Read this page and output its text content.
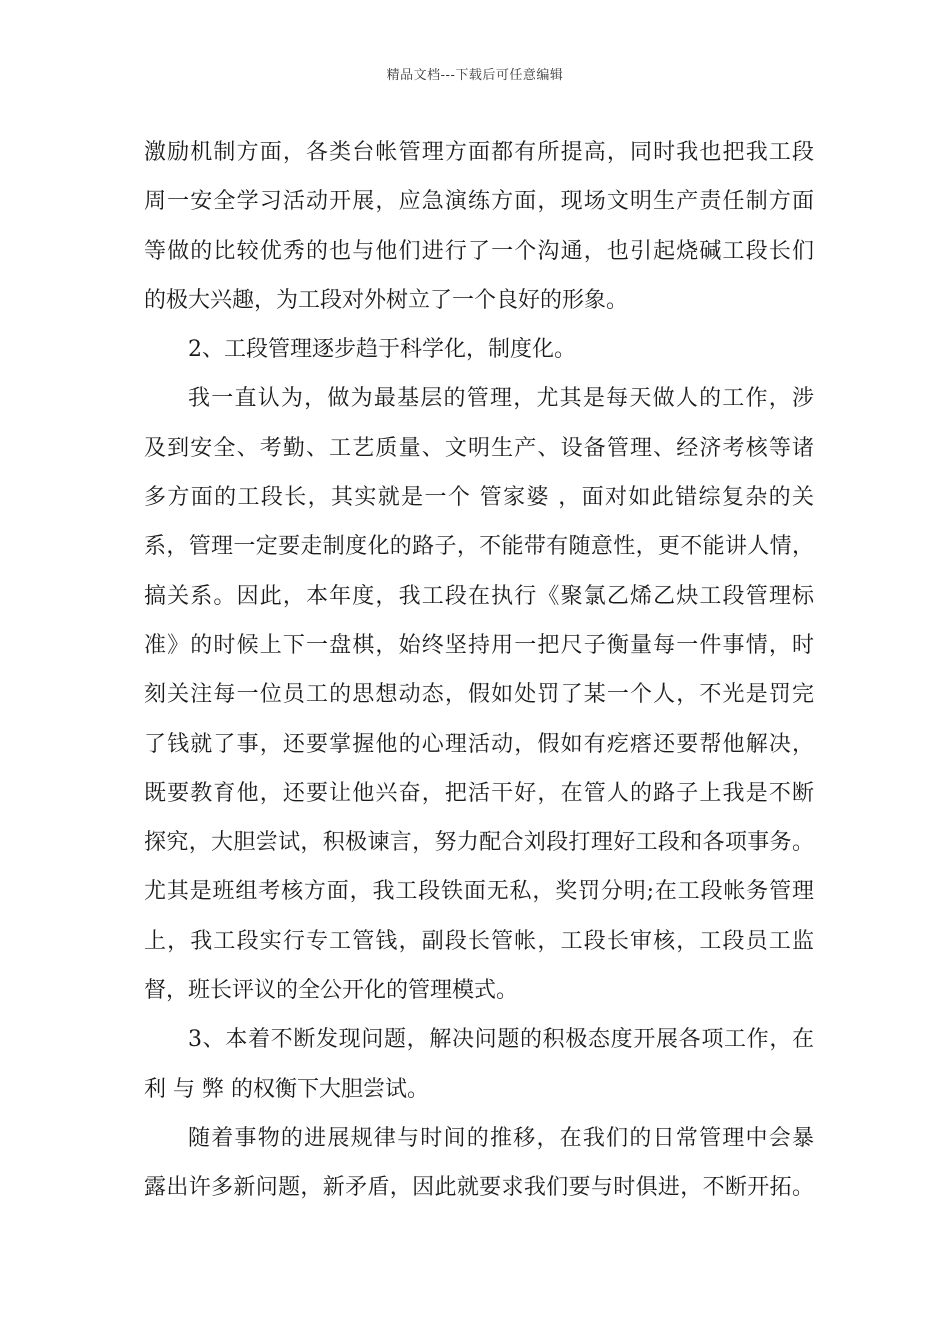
精品文档---下载后可任意编辑
激励机制方面，各类台帐管理方面都有所提高，同时我也把我工段
周一安全学习活动开展，应急演练方面，现场文明生产责任制方面
等做的比较优秀的也与他们进行了一个沟通，也引起烧碱工段长们
的极大兴趣，为工段对外树立了一个良好的形象。
2、工段管理逐步趋于科学化，制度化。
我一直认为，做为最基层的管理，尤其是每天做人的工作，涉
及到安全、考勤、工艺质量、文明生产、设备管理、经济考核等诸
多方面的工段长，其实就是一个 管家婆 ，面对如此错综复杂的关
系，管理一定要走制度化的路子，不能带有随意性，更不能讲人情，
搞关系。因此，本年度，我工段在执行《聚氯乙烯乙炔工段管理标
准》的时候上下一盘棋，始终坚持用一把尺子衡量每一件事情，时
刻关注每一位员工的思想动态，假如处罚了某一个人，不光是罚完
了钱就了事，还要掌握他的心理活动，假如有疙瘩还要帮他解决，
既要教育他，还要让他兴奋，把活干好，在管人的路子上我是不断
探究，大胆尝试，积极谏言，努力配合刘段打理好工段和各项事务。
尤其是班组考核方面，我工段铁面无私，奖罚分明;在工段帐务管理
上，我工段实行专工管钱，副段长管帐，工段长审核，工段员工监
督，班长评议的全公开化的管理模式。
3、本着不断发现问题，解决问题的积极态度开展各项工作，在
利 与 弊 的权衡下大胆尝试。
随着事物的进展规律与时间的推移，在我们的日常管理中会暴
露出许多新问题，新矛盾，因此就要求我们要与时俱进，不断开拓。
